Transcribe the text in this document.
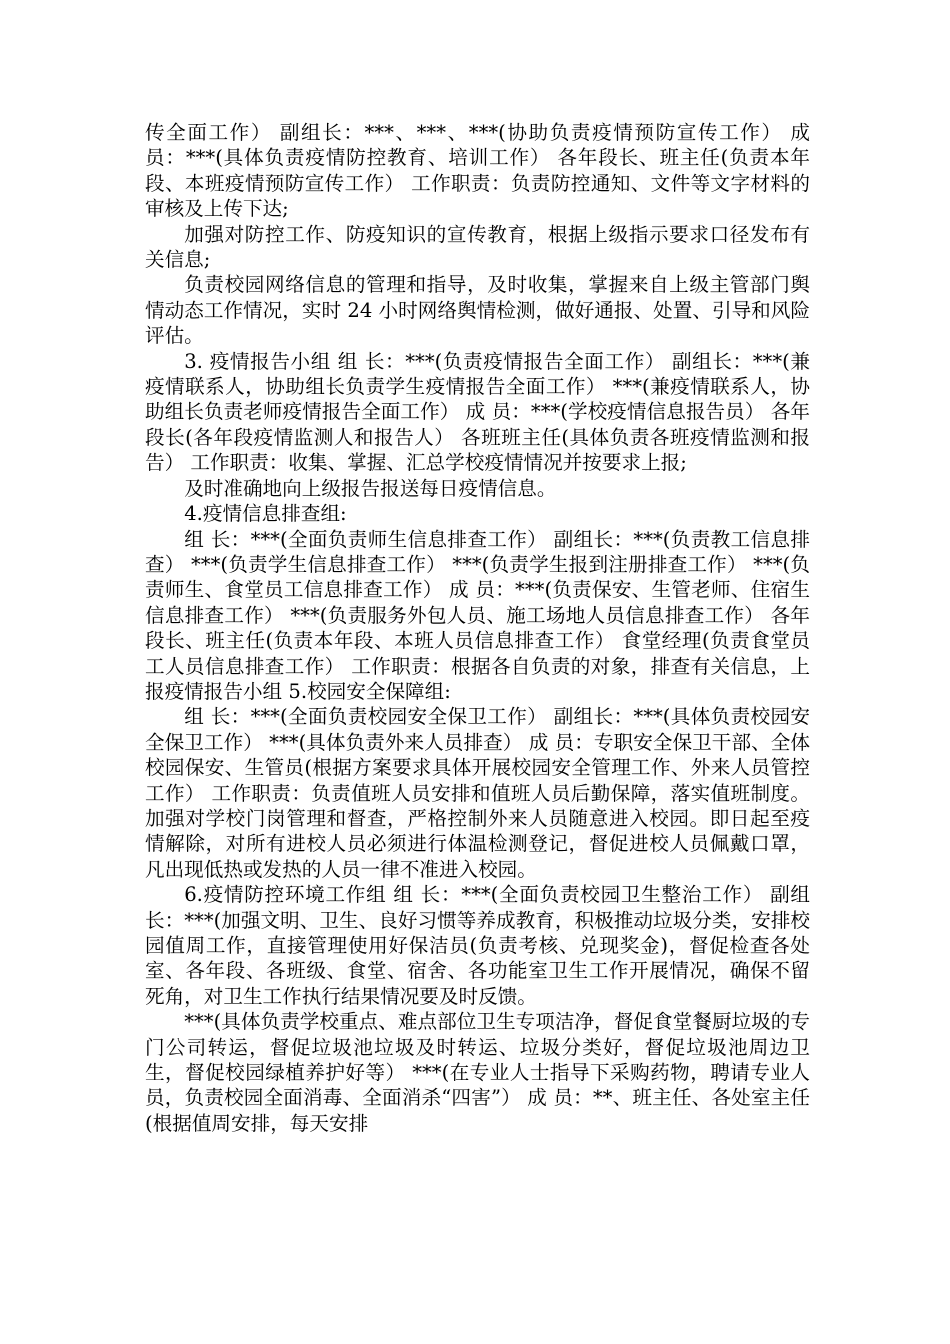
传全面工作） 副组长：***、***、***(协助负责疫情预防宣传工作） 成　员：***(具体负责疫情防控教育、培训工作） 各年段长、班主任(负责本年段、本班疫情预防宣传工作） 工作职责：负责防控通知、文件等文字材料的审核及上传下达;

加强对防控工作、防疫知识的宣传教育，根据上级指示要求口径发布有关信息;

负责校园网络信息的管理和指导，及时收集，掌握来自上级主管部门舆情动态工作情况，实时 24 小时网络舆情检测，做好通报、处置、引导和风险评估。

3. 疫情报告小组 组 长：***(负责疫情报告全面工作） 副组长：***(兼疫情联系人，协助组长负责学生疫情报告全面工作） ***(兼疫情联系人，协助组长负责老师疫情报告全面工作） 成 员：***(学校疫情信息报告员） 各年段长(各年段疫情监测人和报告人） 各班班主任(具体负责各班疫情监测和报告） 工作职责：收集、掌握、汇总学校疫情情况并按要求上报;

及时准确地向上级报告报送每日疫情信息。

4.疫情信息排查组:

组 长：***(全面负责师生信息排查工作） 副组长：***(负责教工信息排查） ***(负责学生信息排查工作） ***(负责学生报到注册排查工作） ***(负责师生、食堂员工信息排查工作） 成 员：***(负责保安、生管老师、住宿生信息排查工作） ***(负责服务外包人员、施工场地人员信息排查工作） 各年段长、班主任(负责本年段、本班人员信息排查工作） 食堂经理(负责食堂员工人员信息排查工作） 工作职责：根据各自负责的对象，排查有关信息，上报疫情报告小组 5.校园安全保障组:

组 长：***(全面负责校园安全保卫工作） 副组长：***(具体负责校园安全保卫工作） ***(具体负责外来人员排查） 成 员：专职安全保卫干部、全体校园保安、生管员(根据方案要求具体开展校园安全管理工作、外来人员管控工作） 工作职责：负责值班人员安排和值班人员后勤保障，落实值班制度。加强对学校门岗管理和督查，严格控制外来人员随意进入校园。即日起至疫情解除，对所有进校人员必须进行体温检测登记，督促进校人员佩戴口罩，凡出现低热或发热的人员一律不准进入校园。

6.疫情防控环境工作组 组 长：***(全面负责校园卫生整治工作） 副组长：***(加强文明、卫生、良好习惯等养成教育，积极推动垃圾分类，安排校园值周工作，直接管理使用好保洁员(负责考核、兑现奖金)，督促检查各处室、各年段、各班级、食堂、宿舍、各功能室卫生工作开展情况，确保不留死角，对卫生工作执行结果情况要及时反馈。

***(具体负责学校重点、难点部位卫生专项洁净，督促食堂餐厨垃圾的专门公司转运，督促垃圾池垃圾及时转运、垃圾分类好，督促垃圾池周边卫生，督促校园绿植养护好等） ***(在专业人士指导下采购药物，聘请专业人员，负责校园全面消毒、全面消杀“四害”） 成 员：**、班主任、各处室主任(根据值周安排，每天安排
